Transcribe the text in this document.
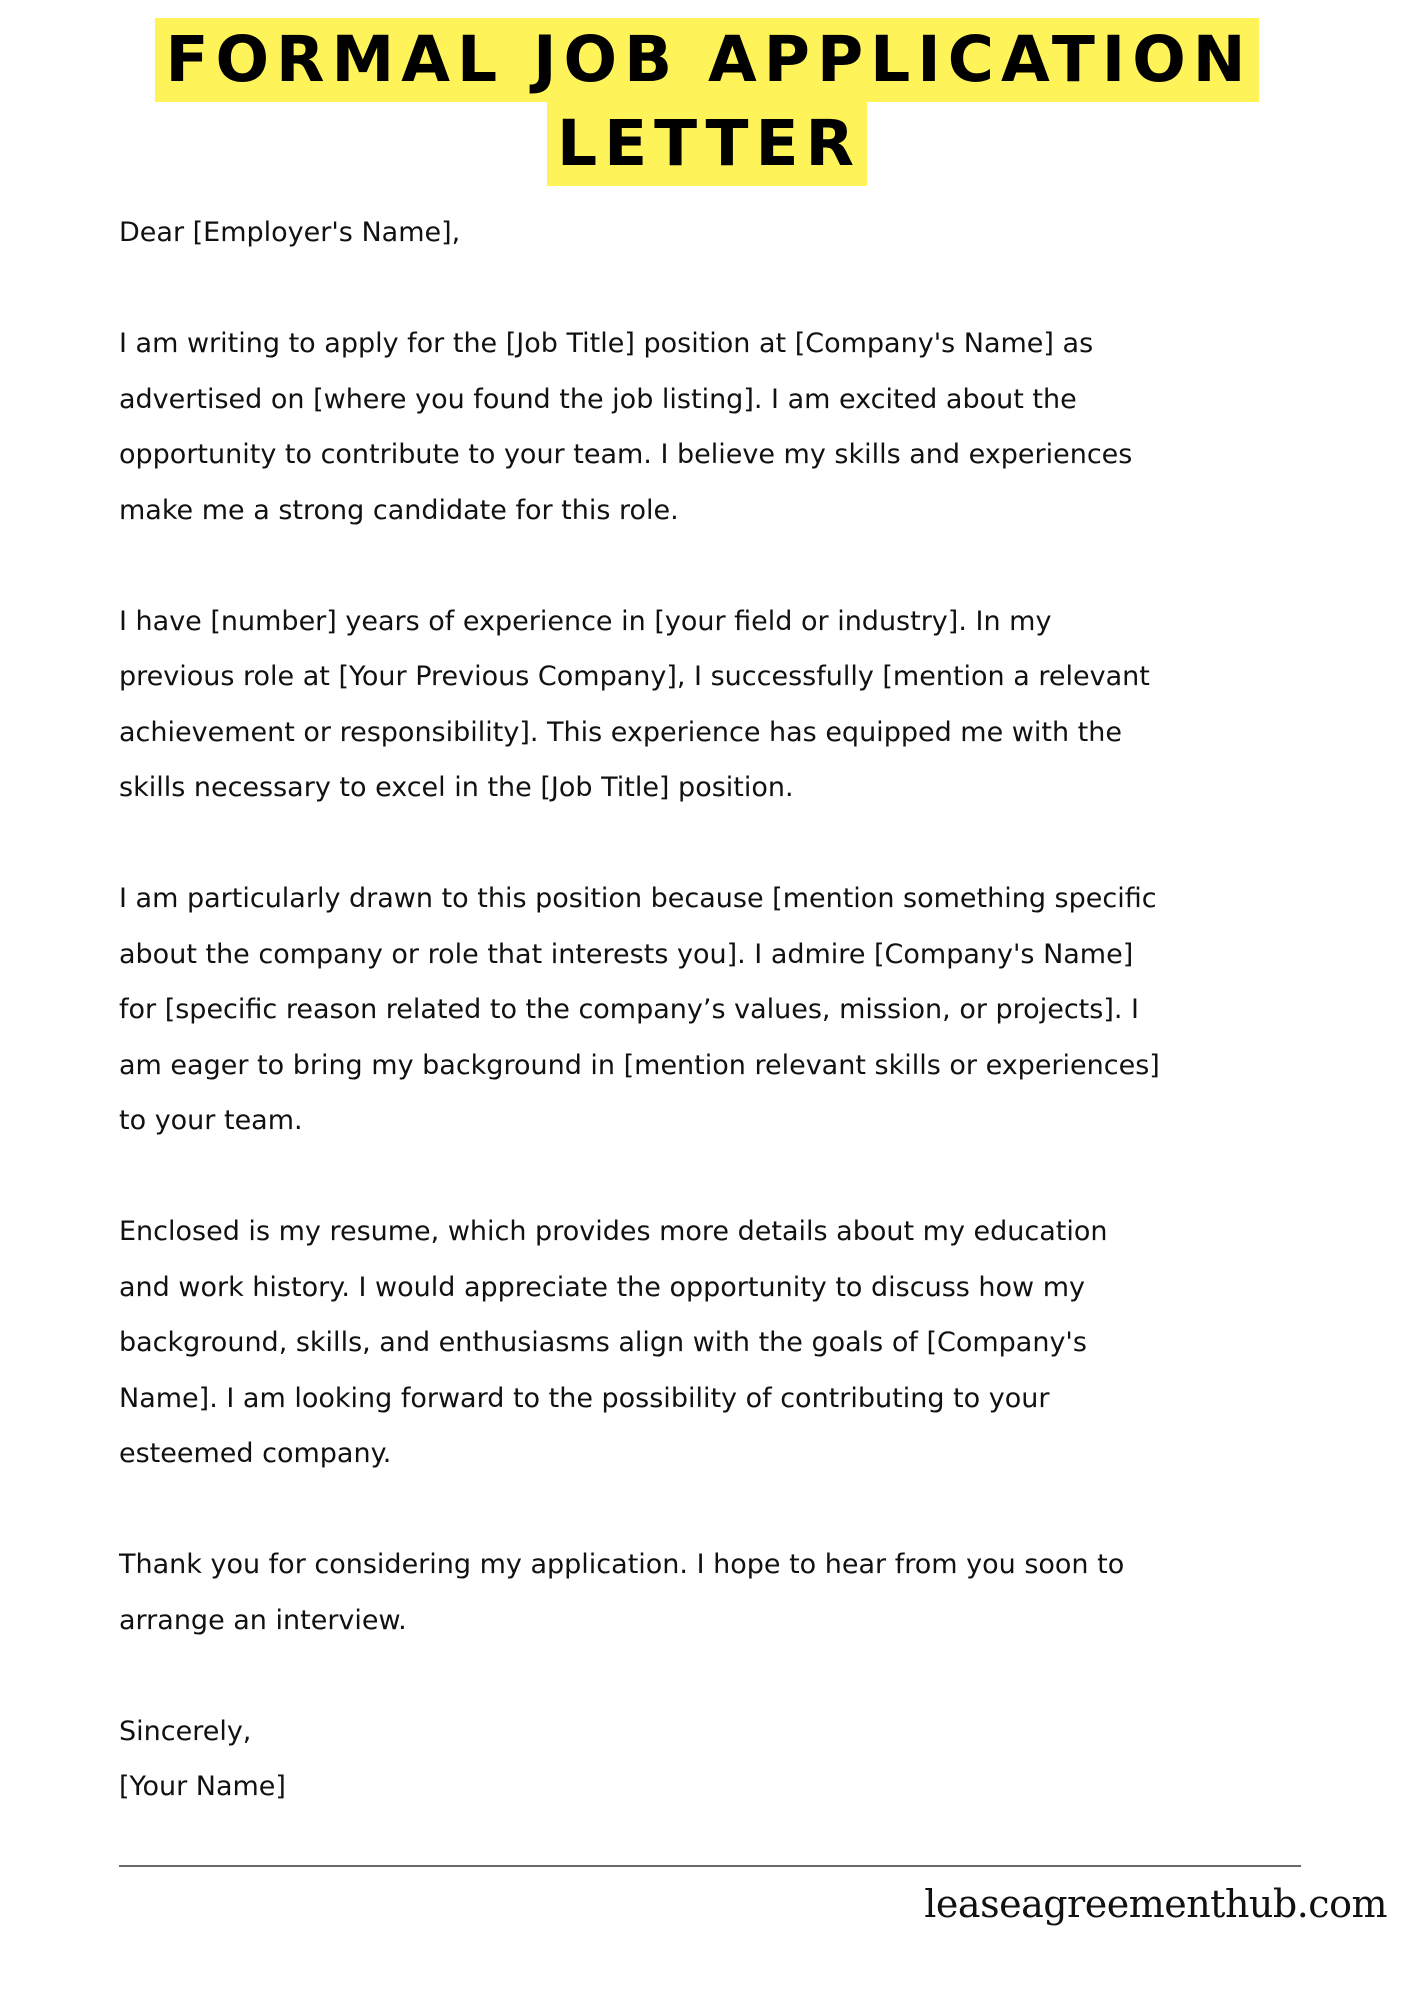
FORMAL JOB APPLICATION
LETTER

Dear [Employer's Name],

I am writing to apply for the [Job Title] position at [Company's Name] as
advertised on [where you found the job listing]. I am excited about the
opportunity to contribute to your team. I believe my skills and experiences
make me a strong candidate for this role.

I have [number] years of experience in [your field or industry]. In my
previous role at [Your Previous Company], I successfully [mention a relevant
achievement or responsibility]. This experience has equipped me with the
skills necessary to excel in the [Job Title] position.

I am particularly drawn to this position because [mention something specific
about the company or role that interests you]. I admire [Company's Name]
for [specific reason related to the company’s values, mission, or projects]. I
am eager to bring my background in [mention relevant skills or experiences]
to your team.

Enclosed is my resume, which provides more details about my education
and work history. I would appreciate the opportunity to discuss how my
background, skills, and enthusiasms align with the goals of [Company's
Name]. I am looking forward to the possibility of contributing to your
esteemed company.

Thank you for considering my application. I hope to hear from you soon to
arrange an interview.

Sincerely,

[Your Name]

leaseagreementhub.com
